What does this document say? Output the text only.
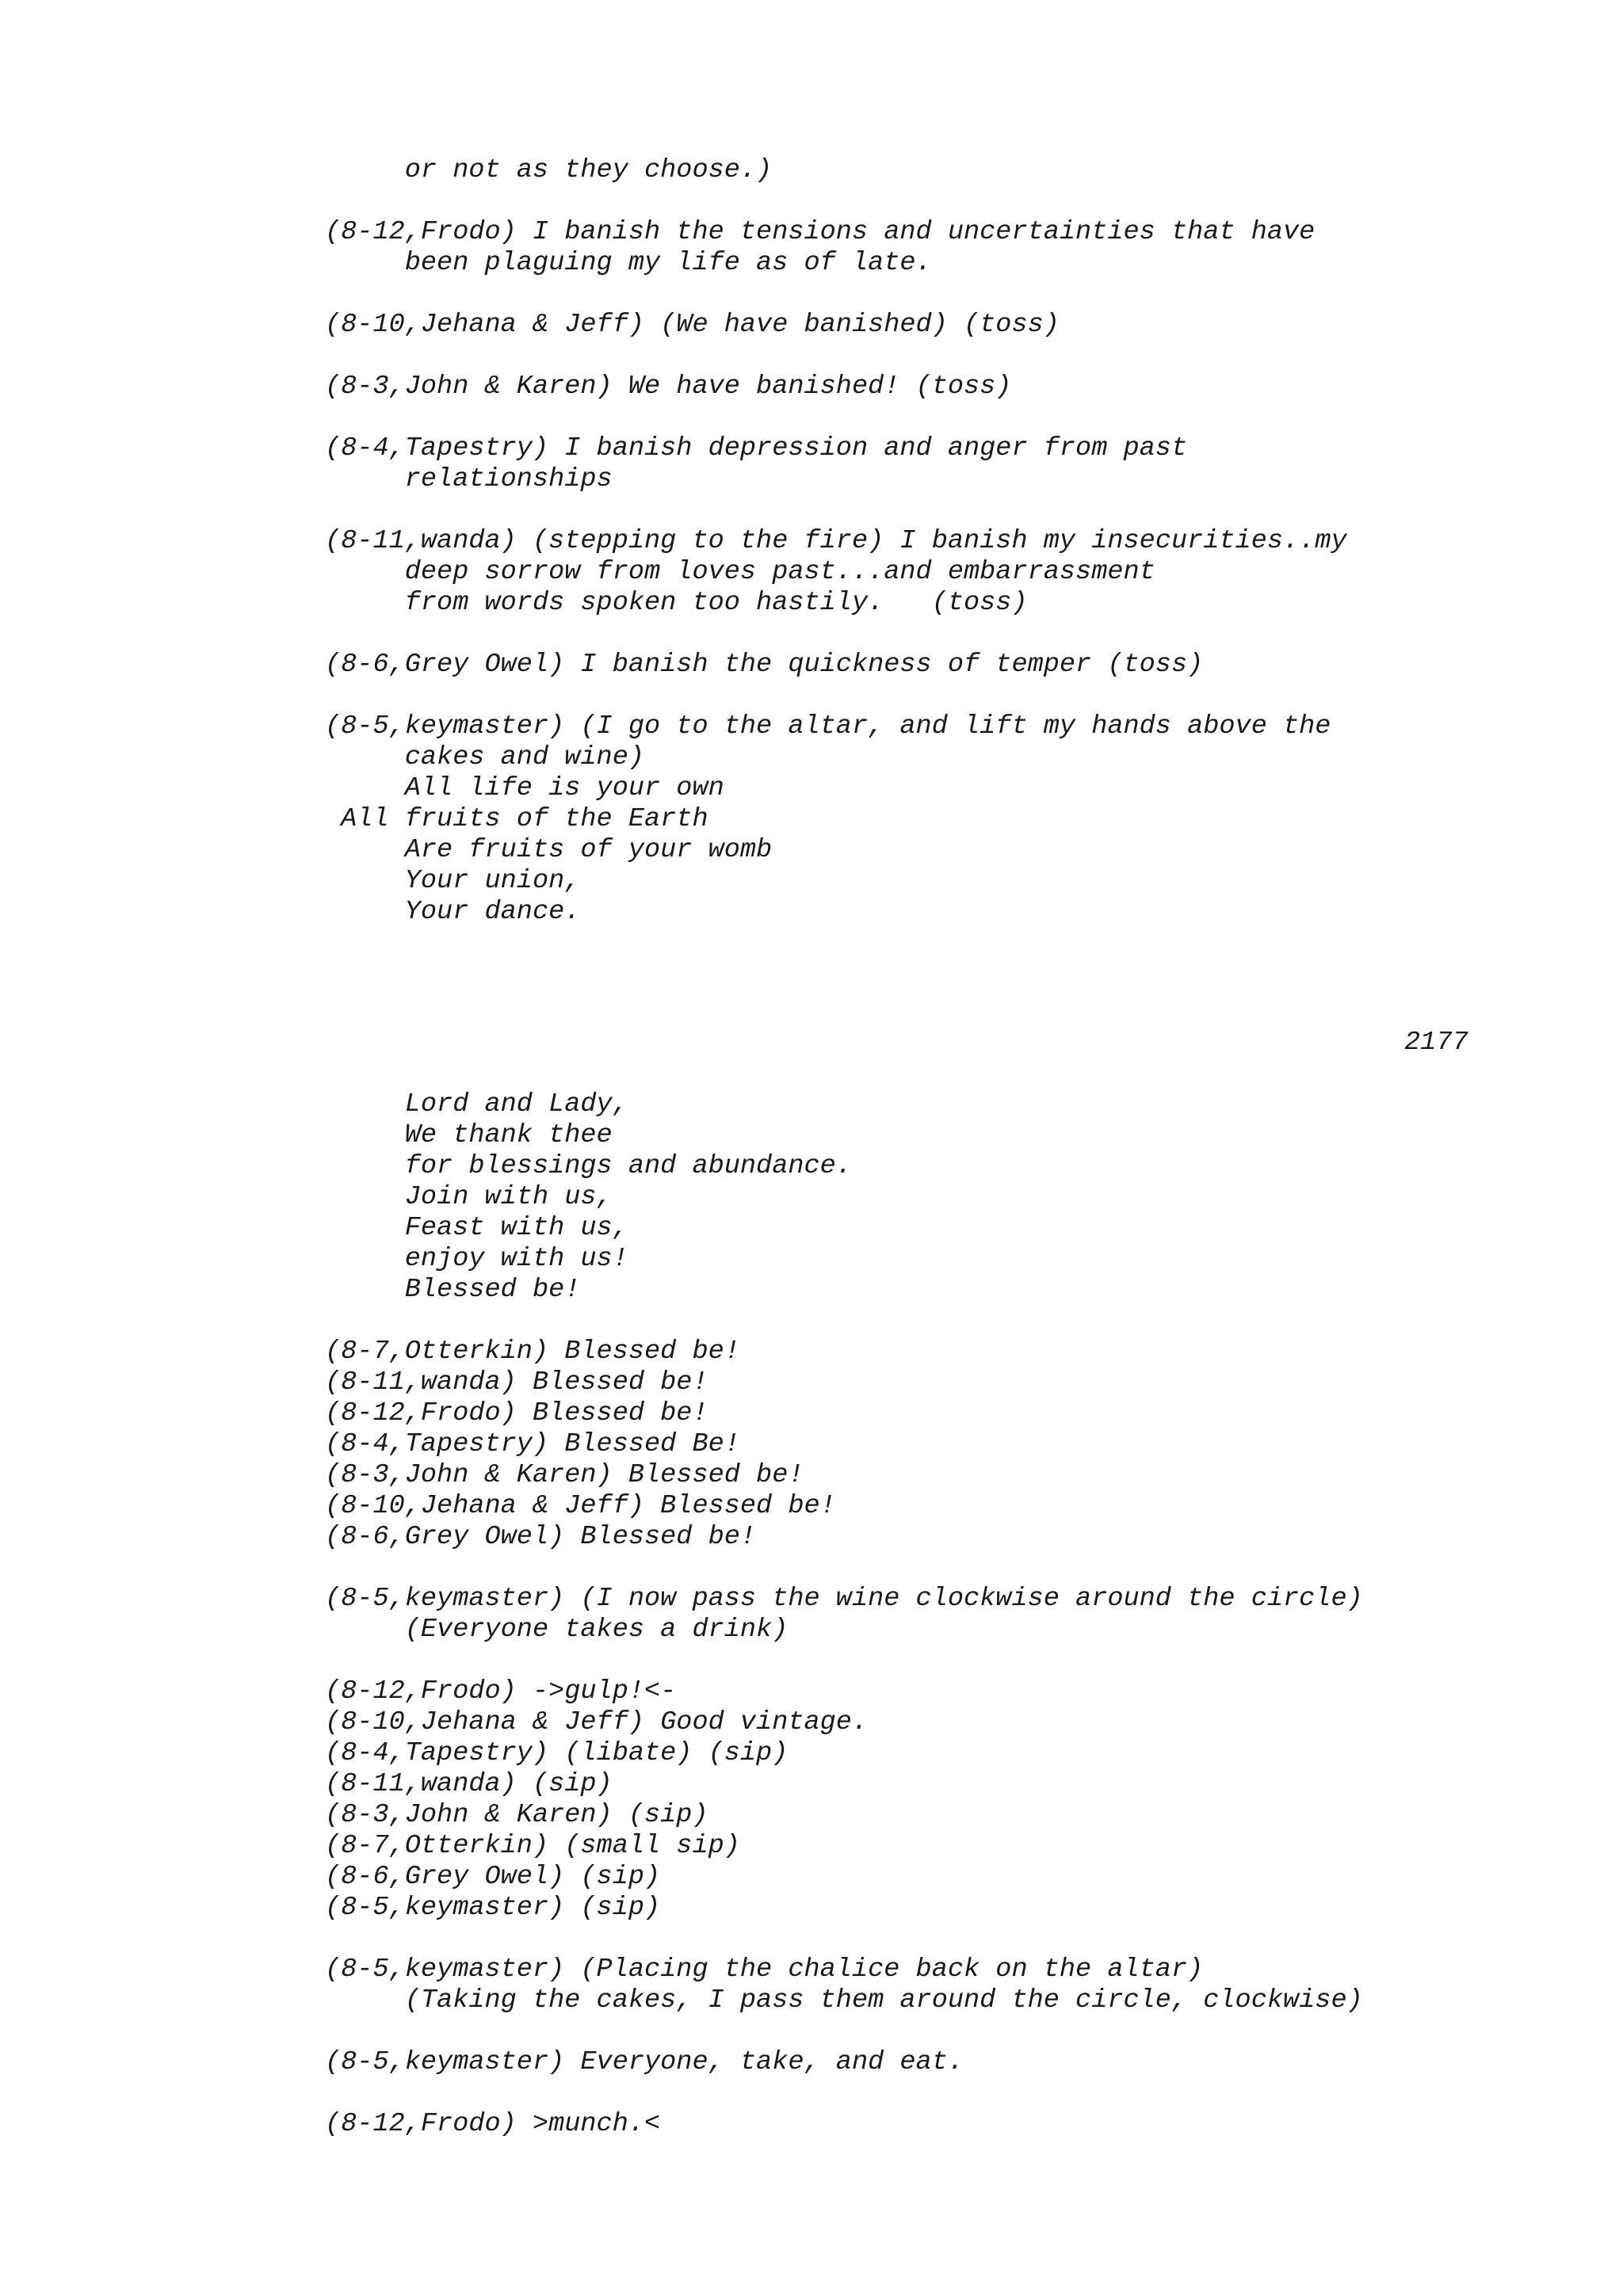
or not as they choose.)
(8-12,Frodo) I banish the tensions and uncertainties that have
been plaguing my life as of late.
(8-10,Jehana & Jeff) (We have banished) (toss)
(8-3,John & Karen) We have banished! (toss)
(8-4,Tapestry) I banish depression and anger from past
relationships
(8-11,wanda) (stepping to the fire) I banish my insecurities..my
deep sorrow from loves past...and embarrassment
from words spoken too hastily.   (toss)
(8-6,Grey Owel) I banish the quickness of temper (toss)
(8-5,keymaster) (I go to the altar, and lift my hands above the
cakes and wine)
All life is your own
All fruits of the Earth
Are fruits of your womb
Your union,
Your dance.
2177
Lord and Lady,
We thank thee
for blessings and abundance.
Join with us,
Feast with us,
enjoy with us!
Blessed be!
(8-7,Otterkin) Blessed be!
(8-11,wanda) Blessed be!
(8-12,Frodo) Blessed be!
(8-4,Tapestry) Blessed Be!
(8-3,John & Karen) Blessed be!
(8-10,Jehana & Jeff) Blessed be!
(8-6,Grey Owel) Blessed be!
(8-5,keymaster) (I now pass the wine clockwise around the circle)
(Everyone takes a drink)
(8-12,Frodo) ->gulp!<-
(8-10,Jehana & Jeff) Good vintage.
(8-4,Tapestry) (libate) (sip)
(8-11,wanda) (sip)
(8-3,John & Karen) (sip)
(8-7,Otterkin) (small sip)
(8-6,Grey Owel) (sip)
(8-5,keymaster) (sip)
(8-5,keymaster) (Placing the chalice back on the altar)
(Taking the cakes, I pass them around the circle, clockwise)
(8-5,keymaster) Everyone, take, and eat.
(8-12,Frodo) >munch.<
